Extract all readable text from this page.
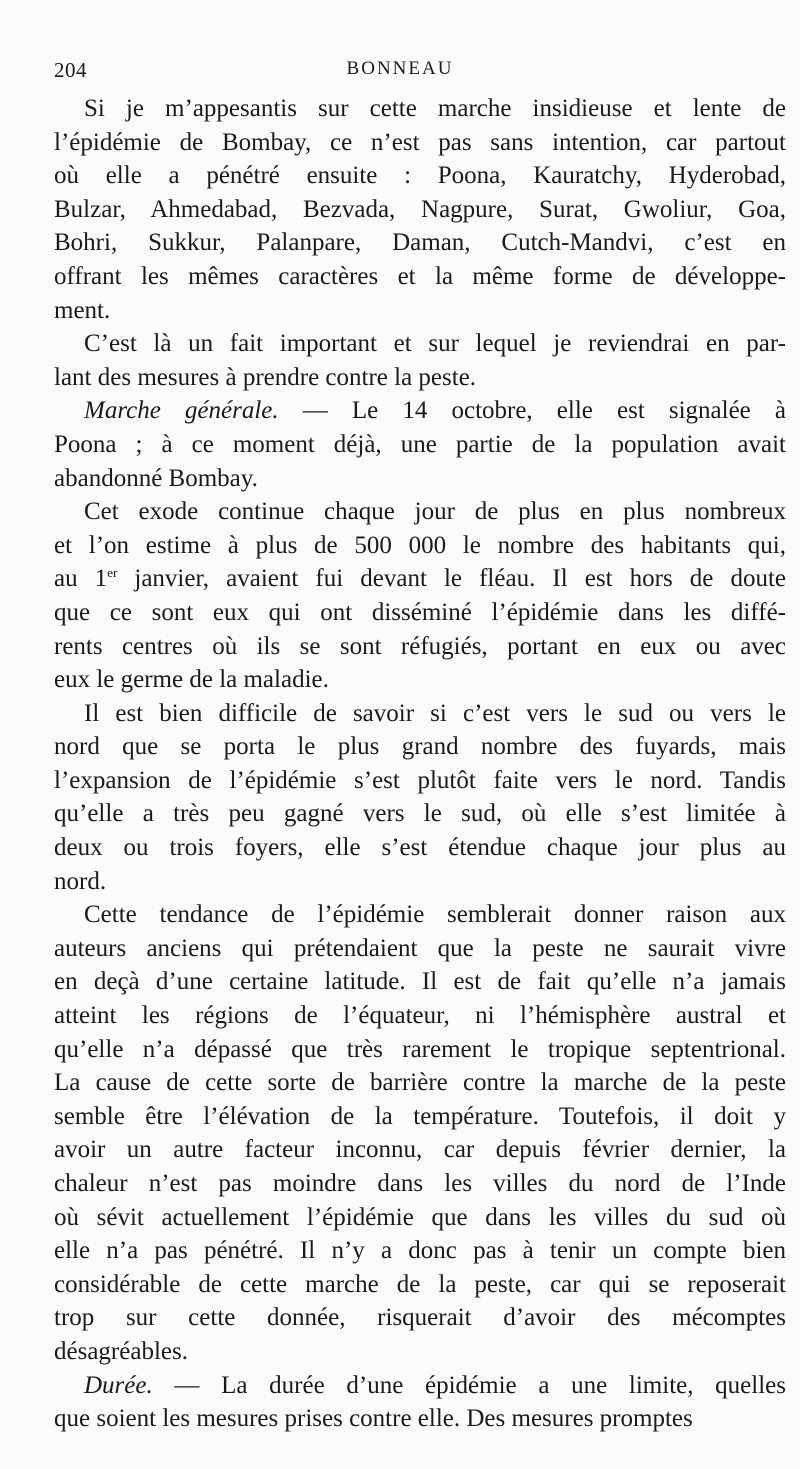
204	BONNEAU
Si je m’appesantis sur cette marche insidieuse et lente de
l’épidémie de Bombay, ce n’est pas sans intention, car partout
où elle a pénétré ensuite : Poona, Kauratchy, Hyderobad,
Bulzar, Ahmedabad, Bezvada, Nagpure, Surat, Gwoliur, Goa,
Bohri, Sukkur, Palanpare, Daman, Cutch-Mandvi, c’est en
offrant les mêmes caractères et la même forme de développe-
ment.
C’est là un fait important et sur lequel je reviendrai en par-
lant des mesures à prendre contre la peste.
Marche générale. — Le 14 octobre, elle est signalée à
Poona ; à ce moment déjà, une partie de la population avait
abandonné Bombay.
Cet exode continue chaque jour de plus en plus nombreux
et l’on estime à plus de 500 000 le nombre des habitants qui,
au 1er janvier, avaient fui devant le fléau. Il est hors de doute
que ce sont eux qui ont disséminé l’épidémie dans les diffé-
rents centres où ils se sont réfugiés, portant en eux ou avec
eux le germe de la maladie.
Il est bien difficile de savoir si c’est vers le sud ou vers le
nord que se porta le plus grand nombre des fuyards, mais
l’expansion de l’épidémie s’est plutôt faite vers le nord. Tandis
qu’elle a très peu gagné vers le sud, où elle s’est limitée à
deux ou trois foyers, elle s’est étendue chaque jour plus au
nord.
Cette tendance de l’épidémie semblerait donner raison aux
auteurs anciens qui prétendaient que la peste ne saurait vivre
en deçà d’une certaine latitude. Il est de fait qu’elle n’a jamais
atteint les régions de l’équateur, ni l’hémisphère austral et
qu’elle n’a dépassé que très rarement le tropique septentrional.
La cause de cette sorte de barrière contre la marche de la peste
semble être l’élévation de la température. Toutefois, il doit y
avoir un autre facteur inconnu, car depuis février dernier, la
chaleur n’est pas moindre dans les villes du nord de l’Inde
où sévit actuellement l’épidémie que dans les villes du sud où
elle n’a pas pénétré. Il n’y a donc pas à tenir un compte bien
considérable de cette marche de la peste, car qui se reposerait
trop sur cette donnée, risquerait d’avoir des mécomptes
désagréables.
Durée. — La durée d’une épidémie a une limite, quelles
que soient les mesures prises contre elle. Des mesures promptes
